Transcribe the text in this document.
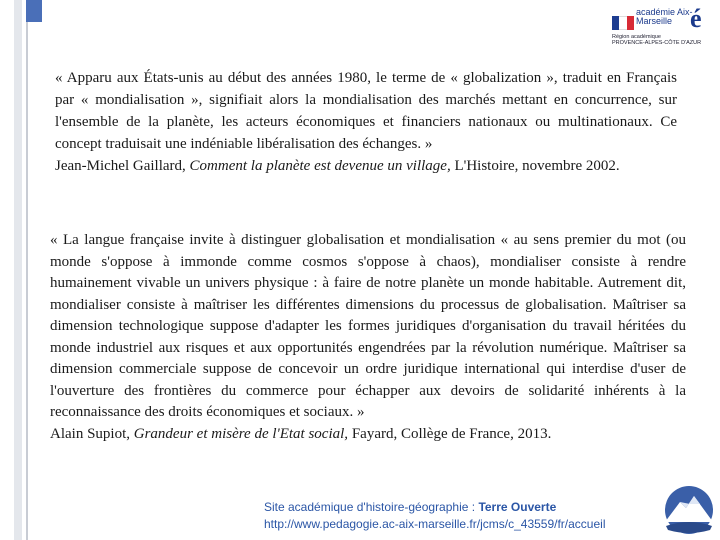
académie Aix-Marseille é
Région académique
PROVENCE-ALPES-CÔTE D'AZUR

« Apparu aux États-unis au début des années 1980, le terme de « globalization », traduit en Français par « mondialisation », signifiait alors la mondialisation des marchés mettant en concurrence, sur l'ensemble de la planète, les acteurs économiques et financiers nationaux ou multinationaux. Ce concept traduisait une indéniable libéralisation des échanges. »

Jean-Michel Gaillard, Comment la planète est devenue un village, L'Histoire, novembre 2002.

« La langue française invite à distinguer globalisation et mondialisation « au sens premier du mot (ou monde s'oppose à immonde comme cosmos s'oppose à chaos), mondialiser consiste à rendre humainement vivable un univers physique : à faire de notre planète un monde habitable. Autrement dit, mondialiser consiste à maîtriser les différentes dimensions du processus de globalisation. Maîtriser sa dimension technologique suppose d'adapter les formes juridiques d'organisation du travail héritées du monde industriel aux risques et aux opportunités engendrées par la révolution numérique. Maîtriser sa dimension commerciale suppose de concevoir un ordre juridique international qui interdise d'user de l'ouverture des frontières du commerce pour échapper aux devoirs de solidarité inhérents à la reconnaissance des droits économiques et sociaux. »

Alain Supiot, Grandeur et misère de l'Etat social, Fayard, Collège de France, 2013.

Site académique d'histoire-géographie : Terre Ouverte
http://www.pedagogie.ac-aix-marseille.fr/jcms/c_43559/fr/accueil
